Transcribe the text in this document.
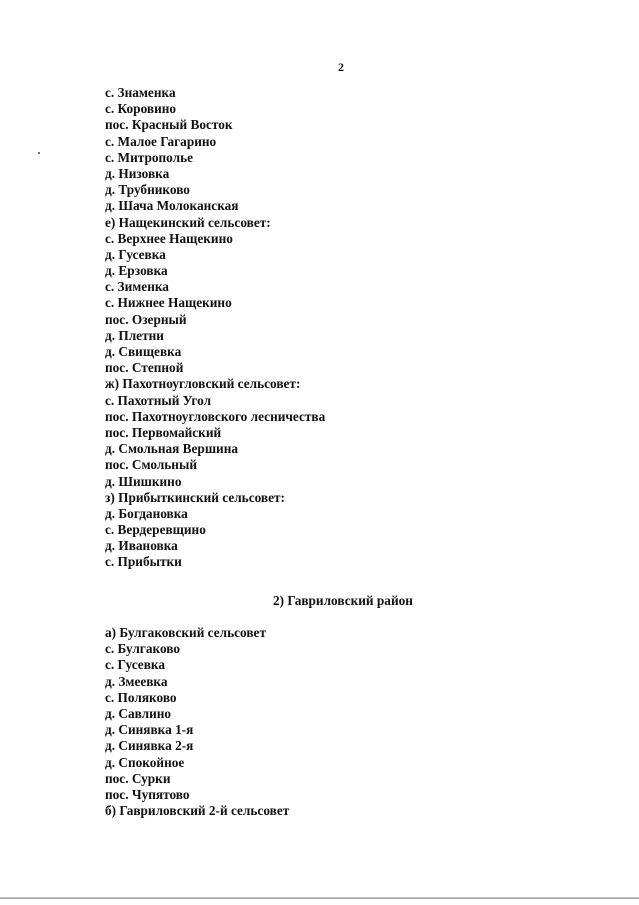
2
с. Знаменка
с. Коровино
пос. Красный Восток
с. Малое Гагарино
с. Митрополье
д. Низовка
д. Трубниково
д. Шача Молоканская
е) Нащекинский сельсовет:
с. Верхнее Нащекино
д. Гусевка
д. Ерзовка
с. Зименка
с. Нижнее Нащекино
пос. Озерный
д. Плетни
д. Свищевка
пос. Степной
ж) Пахотноугловский сельсовет:
с. Пахотный Угол
пос. Пахотноугловского лесничества
пос. Первомайский
д. Смольная Вершина
пос. Смольный
д. Шишкино
з) Прибыткинский сельсовет:
д. Богдановка
с. Вердеревщино
д. Ивановка
с. Прибытки
2) Гавриловский район
а) Булгаковский сельсовет
с. Булгаково
с. Гусевка
д. Змеевка
с. Поляково
д. Савлино
д. Синявка 1-я
д. Синявка 2-я
д. Спокойное
пос. Сурки
пос. Чупятово
б) Гавриловский 2-й сельсовет
